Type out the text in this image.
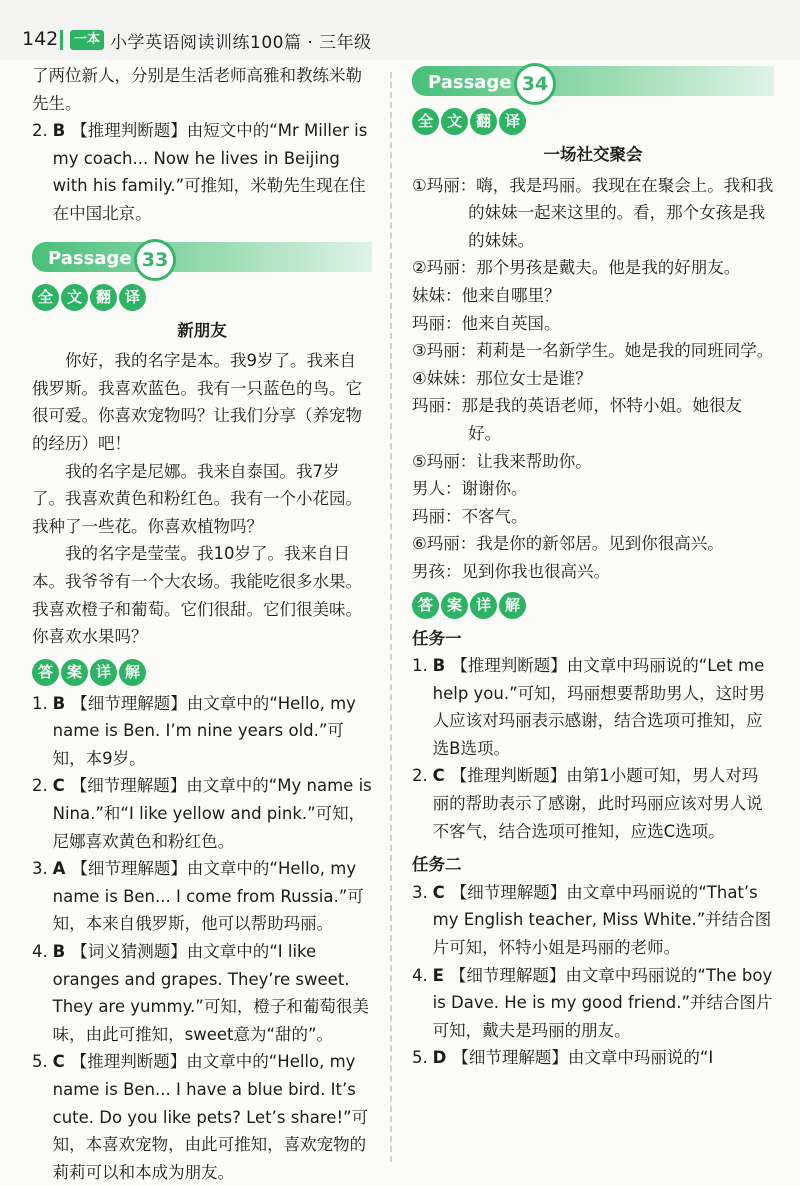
142	一本 小学英语阅读训练100篇 · 三年级

了两位新人，分别是生活老师高雅和教练米勒先生。

2. B 【推理判断题】由短文中的“Mr Miller is my coach... Now he lives in Beijing with his family.”可推知，米勒先生现在住在中国北京。

Passage 33
全 文 翻 译

新朋友

你好，我的名字是本。我9岁了。我来自俄罗斯。我喜欢蓝色。我有一只蓝色的鸟。它很可爱。你喜欢宠物吗？让我们分享（养宠物的经历）吧！

我的名字是尼娜。我来自泰国。我7岁了。我喜欢黄色和粉红色。我有一个小花园。我种了一些花。你喜欢植物吗？

我的名字是莹莹。我10岁了。我来自日本。我爷爷有一个大农场。我能吃很多水果。我喜欢橙子和葡萄。它们很甜。它们很美味。你喜欢水果吗？

答 案 详 解

1. B 【细节理解题】由文章中的“Hello, my name is Ben. I’m nine years old.”可知，本9岁。

2. C 【细节理解题】由文章中的“My name is Nina.”和“I like yellow and pink.”可知，尼娜喜欢黄色和粉红色。

3. A 【细节理解题】由文章中的“Hello, my name is Ben... I come from Russia.”可知，本来自俄罗斯，他可以帮助玛丽。

4. B 【词义猜测题】由文章中的“I like oranges and grapes. They’re sweet. They are yummy.”可知，橙子和葡萄很美味，由此可推知，sweet意为“甜的”。

5. C 【推理判断题】由文章中的“Hello, my name is Ben... I have a blue bird. It’s cute. Do you like pets? Let’s share!”可知，本喜欢宠物，由此可推知，喜欢宠物的莉莉可以和本成为朋友。

Passage 34
全 文 翻 译

一场社交聚会

①玛丽：嗨，我是玛丽。我现在在聚会上。我和我的妹妹一起来这里的。看，那个女孩是我的妹妹。

②玛丽：那个男孩是戴夫。他是我的好朋友。

妹妹：他来自哪里？

玛丽：他来自英国。

③玛丽：莉莉是一名新学生。她是我的同班同学。

④妹妹：那位女士是谁？

玛丽：那是我的英语老师，怀特小姐。她很友好。

⑤玛丽：让我来帮助你。

男人：谢谢你。

玛丽：不客气。

⑥玛丽：我是你的新邻居。见到你很高兴。

男孩：见到你我也很高兴。

答 案 详 解

任务一

1. B 【推理判断题】由文章中玛丽说的“Let me help you.”可知，玛丽想要帮助男人，这时男人应该对玛丽表示感谢，结合选项可推知，应选B选项。

2. C 【推理判断题】由第1小题可知，男人对玛丽的帮助表示了感谢，此时玛丽应该对男人说不客气，结合选项可推知，应选C选项。

任务二

3. C 【细节理解题】由文章中玛丽说的“That’s my English teacher, Miss White.”并结合图片可知，怀特小姐是玛丽的老师。

4. E 【细节理解题】由文章中玛丽说的“The boy is Dave. He is my good friend.”并结合图片可知，戴夫是玛丽的朋友。

5. D 【细节理解题】由文章中玛丽说的“I
